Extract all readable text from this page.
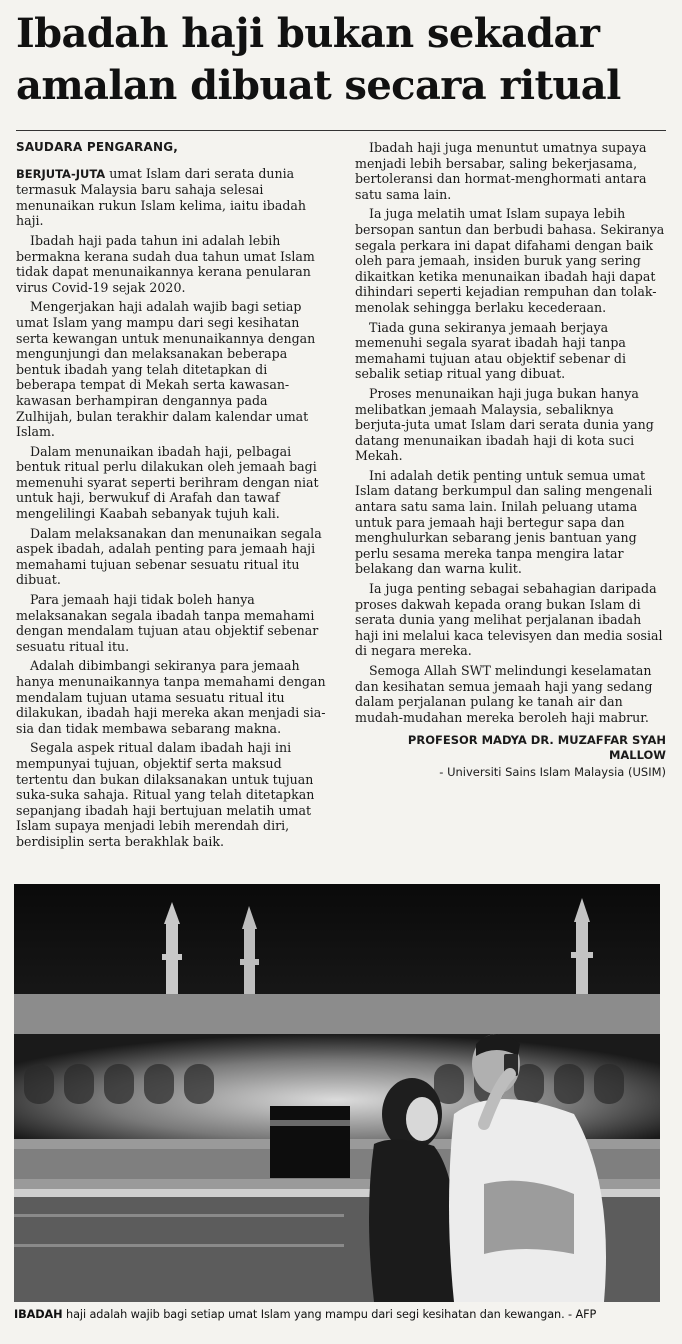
Ibadah haji bukan sekadar amalan dibuat secara ritual
SAUDARA PENGARANG,

BERJUTA-JUTA umat Islam dari serata dunia termasuk Malaysia baru sahaja selesai menunaikan rukun Islam kelima, iaitu ibadah haji.

Ibadah haji pada tahun ini adalah lebih bermakna kerana sudah dua tahun umat Islam tidak dapat menunaikannya kerana penularan virus Covid-19 sejak 2020.

Mengerjakan haji adalah wajib bagi setiap umat Islam yang mampu dari segi kesihatan serta kewangan untuk menunaikannya dengan mengunjungi dan melaksanakan beberapa bentuk ibadah yang telah ditetapkan di beberapa tempat di Mekah serta kawasan-kawasan berhampiran dengannya pada Zulhijah, bulan terakhir dalam kalendar umat Islam.

Dalam menunaikan ibadah haji, pelbagai bentuk ritual perlu dilakukan oleh jemaah bagi memenuhi syarat seperti berihram dengan niat untuk haji, berwukuf di Arafah dan tawaf mengelilingi Kaabah sebanyak tujuh kali.

Dalam melaksanakan dan menunaikan segala aspek ibadah, adalah penting para jemaah haji memahami tujuan sebenar sesuatu ritual itu dibuat.

Para jemaah haji tidak boleh hanya melaksanakan segala ibadah tanpa memahami dengan mendalam tujuan atau objektif sebenar sesuatu ritual itu.

Adalah dibimbangi sekiranya para jemaah hanya menunaikannya tanpa memahami dengan mendalam tujuan utama sesuatu ritual itu dilakukan, ibadah haji mereka akan menjadi sia-sia dan tidak membawa sebarang makna.

Segala aspek ritual dalam ibadah haji ini mempunyai tujuan, objektif serta maksud tertentu dan bukan dilaksanakan untuk tujuan suka-suka sahaja. Ritual yang telah ditetapkan sepanjang ibadah haji bertujuan melatih umat Islam supaya menjadi lebih merendah diri, berdisiplin serta berakhlak baik.

Ibadah haji juga menuntut umatnya supaya menjadi lebih bersabar, saling bekerjasama, bertoleransi dan hormat-menghormati antara satu sama lain.

Ia juga melatih umat Islam supaya lebih bersopan santun dan berbudi bahasa. Sekiranya segala perkara ini dapat difahami dengan baik oleh para jemaah, insiden buruk yang sering dikaitkan ketika menunaikan ibadah haji dapat dihindari seperti kejadian rempuhan dan tolak-menolak sehingga berlaku kecederaan.

Tiada guna sekiranya jemaah berjaya memenuhi segala syarat ibadah haji tanpa memahami tujuan atau objektif sebenar di sebalik setiap ritual yang dibuat.

Proses menunaikan haji juga bukan hanya melibatkan jemaah Malaysia, sebaliknya berjuta-juta umat Islam dari serata dunia yang datang menunaikan ibadah haji di kota suci Mekah.

Ini adalah detik penting untuk semua umat Islam datang berkumpul dan saling mengenali antara satu sama lain. Inilah peluang utama untuk para jemaah haji bertegur sapa dan menghulurkan sebarang jenis bantuan yang perlu sesama mereka tanpa mengira latar belakang dan warna kulit.

Ia juga penting sebagai sebahagian daripada proses dakwah kepada orang bukan Islam di serata dunia yang melihat perjalanan ibadah haji ini melalui kaca televisyen dan media sosial di negara mereka.

Semoga Allah SWT melindungi keselamatan dan kesihatan semua jemaah haji yang sedang dalam perjalanan pulang ke tanah air dan mudah-mudahan mereka beroleh haji mabrur.

PROFESOR MADYA DR. MUZAFFAR SYAH MALLOW

- Universiti Sains Islam Malaysia (USIM)

IBADAH haji adalah wajib bagi setiap umat Islam yang mampu dari segi kesihatan dan kewangan. - AFP
